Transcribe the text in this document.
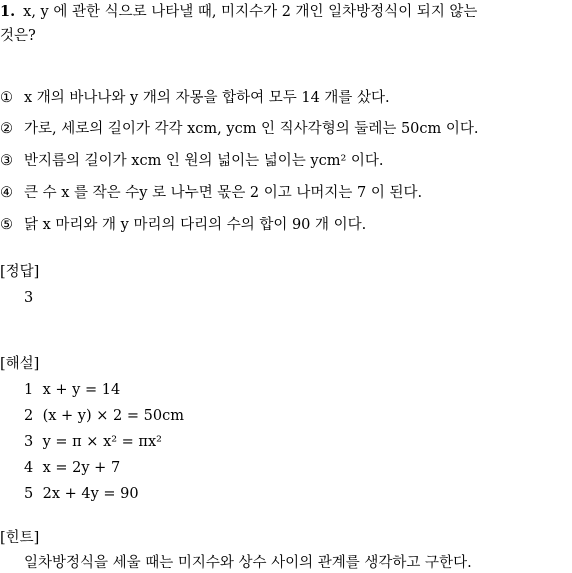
1. x, y 에 관한 식으로 나타낼 때, 미지수가 2 개인 일차방정식이 되지 않는
것은?
① x 개의 바나나와 y 개의 자몽을 합하여 모두 14 개를 샀다.
② 가로, 세로의 길이가 각각 xcm, ycm 인 직사각형의 둘레는 50cm 이다.
③ 반지름의 길이가 xcm 인 원의 넓이는 넓이는 ycm² 이다.
④ 큰 수 x 를 작은 수y 로 나누면 몫은 2 이고 나머지는 7 이 된다.
⑤ 닭 x 마리와 개 y 마리의 다리의 수의 합이 90 개 이다.
[정답]
3
[해설]
1 x + y = 14
2 (x + y) × 2 = 50cm
3 y = π × x² = πx²
4 x = 2y + 7
5 2x + 4y = 90
[힌트]
일차방정식을 세울 때는 미지수와 상수 사이의 관계를 생각하고 구한다.
